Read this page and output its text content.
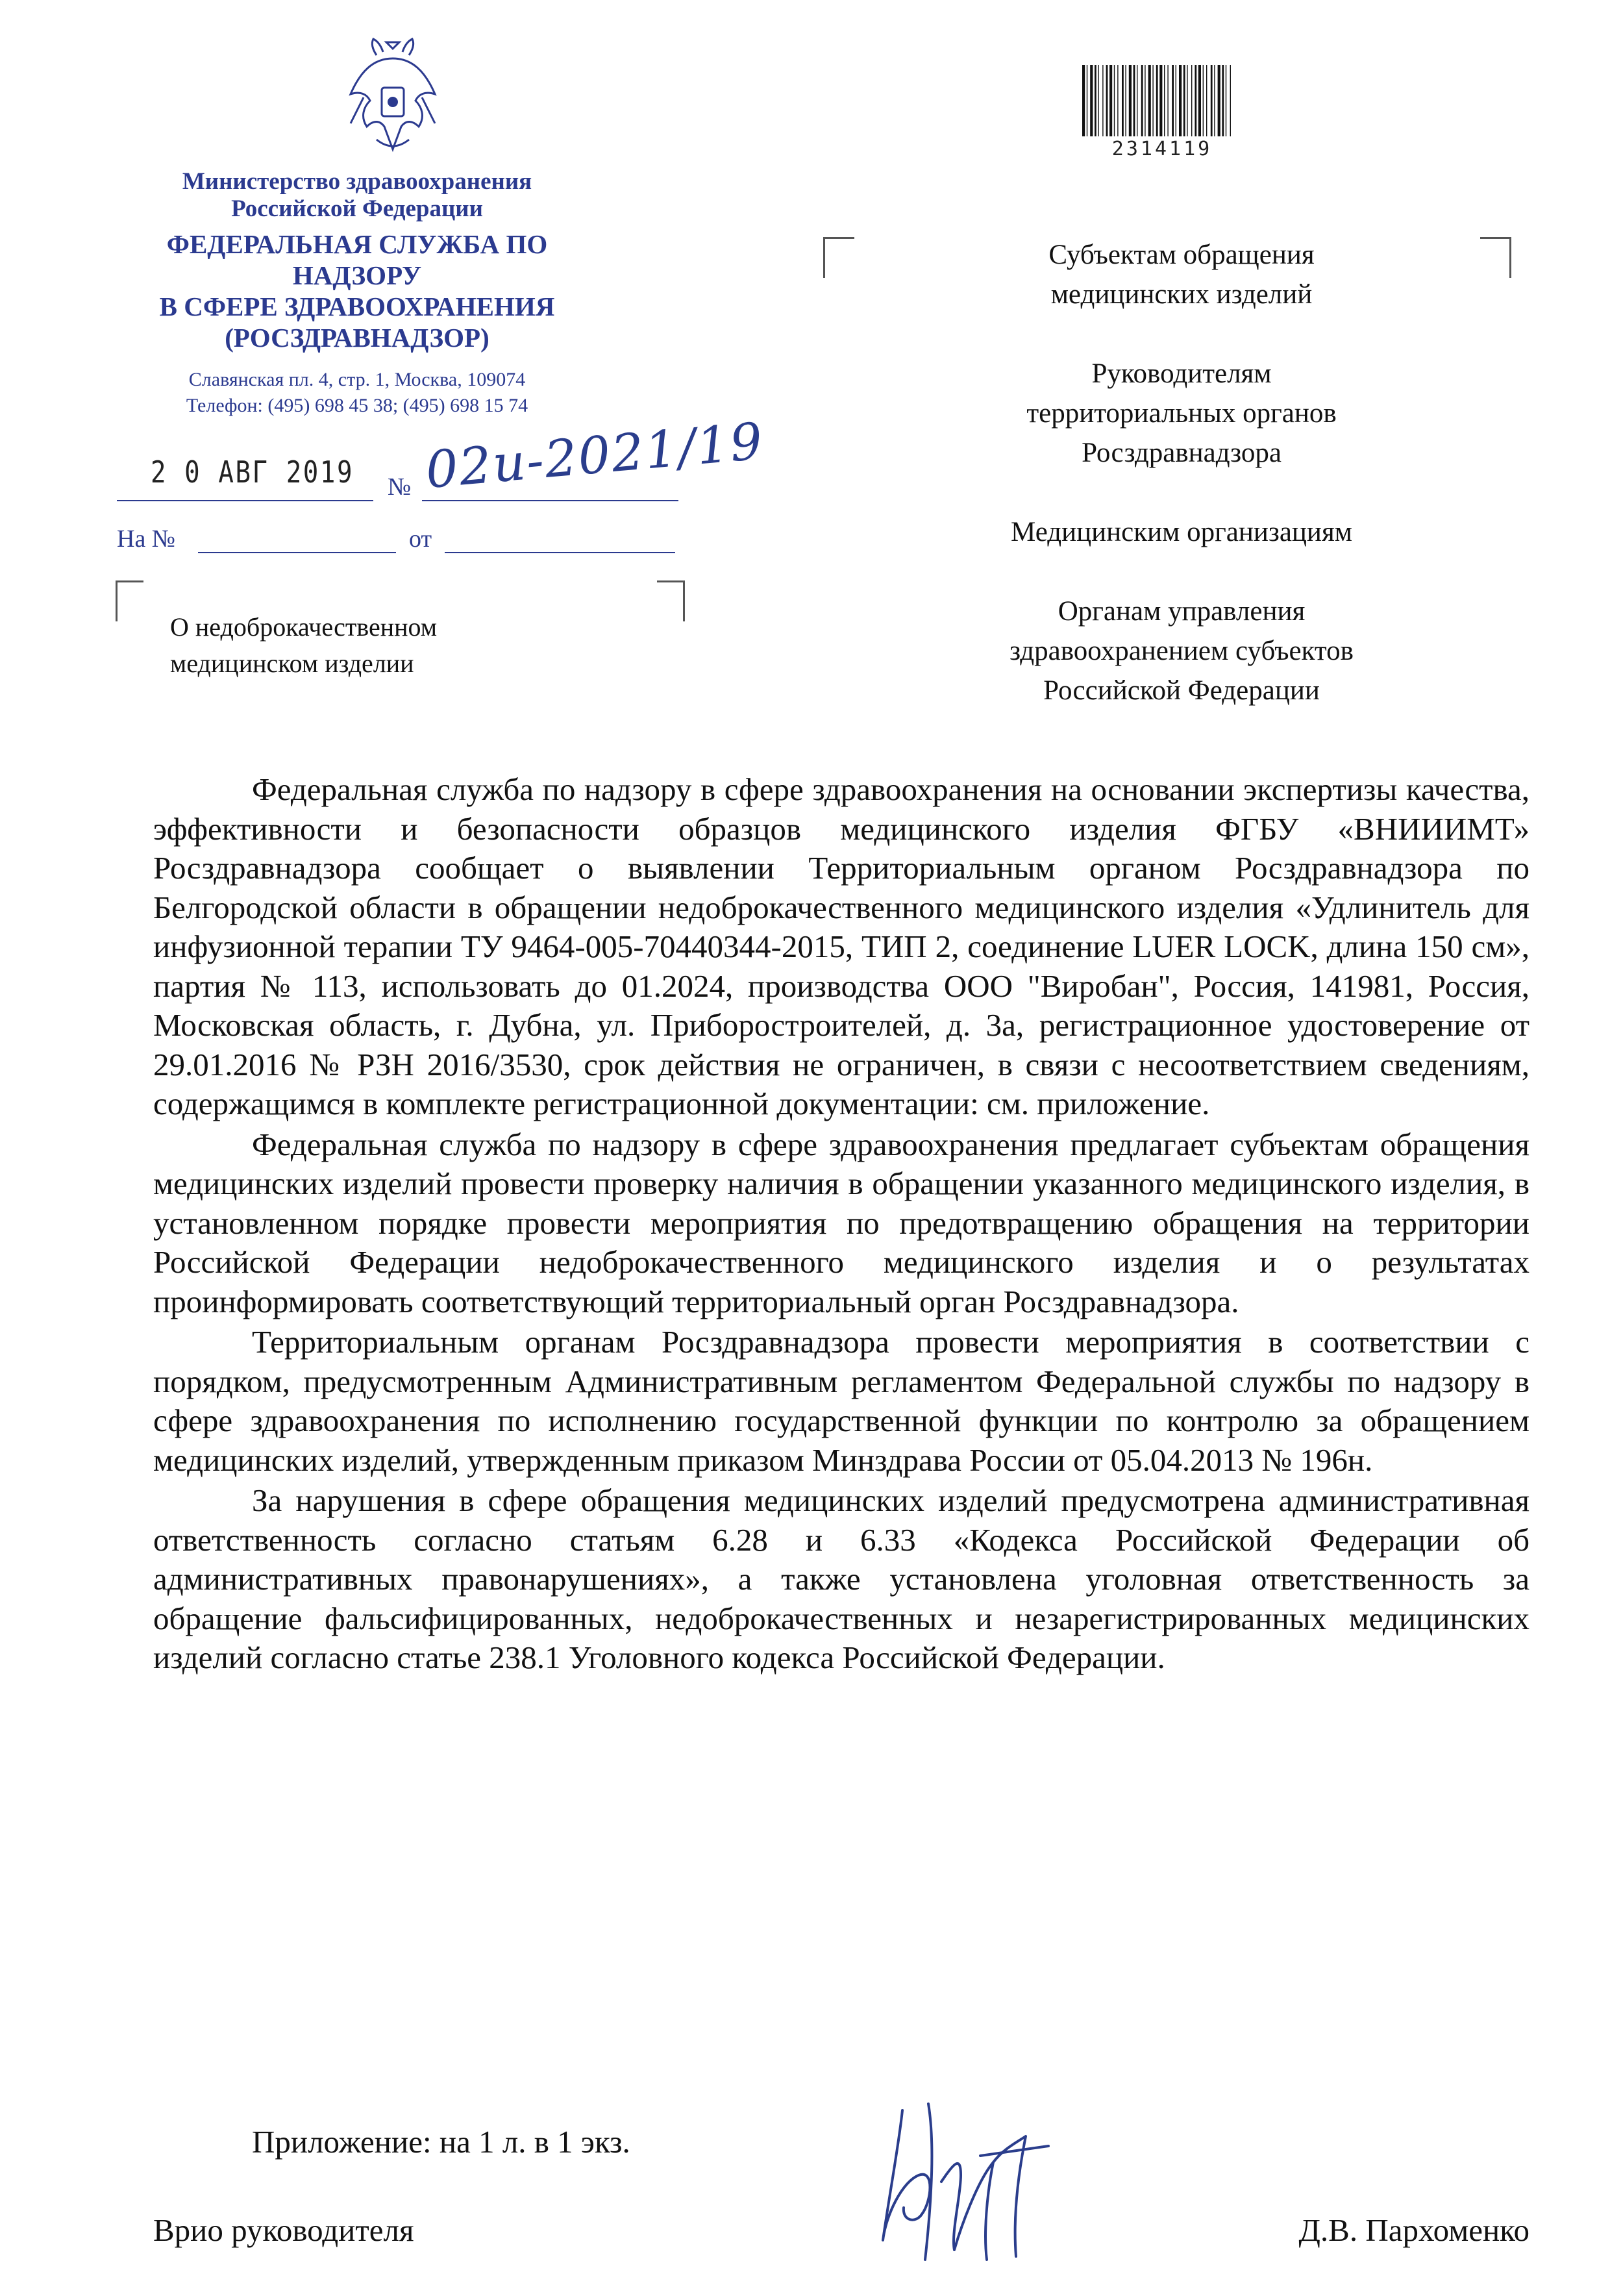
Министерство здравоохранения
Российской Федерации
ФЕДЕРАЛЬНАЯ СЛУЖБА ПО НАДЗОРУ
В СФЕРЕ ЗДРАВООХРАНЕНИЯ
(РОСЗДРАВНАДЗОР)
Славянская пл. 4, стр. 1, Москва, 109074
Телефон: (495) 698 45 38; (495) 698 15 74
2 0 АВГ 2019 № 02и-2021/19
На №	от
О недоброкачественном
медицинском изделии
2314119
Субъектам обращения
медицинских изделий
Руководителям
территориальных органов
Росздравнадзора
Медицинским организациям
Органам управления
здравоохранением субъектов
Российской Федерации

Федеральная служба по надзору в сфере здравоохранения на основании экспертизы качества, эффективности и безопасности образцов медицинского изделия ФГБУ «ВНИИИМТ» Росздравнадзора сообщает о выявлении Территориальным органом Росздравнадзора по Белгородской области в обращении недоброкачественного медицинского изделия «Удлинитель для инфузионной терапии ТУ 9464-005-70440344-2015, ТИП 2, соединение LUER LOCK, длина 150 см», партия № 113, использовать до 01.2024, производства ООО "Виробан", Россия, 141981, Россия, Московская область, г. Дубна, ул. Приборостроителей, д. 3а, регистрационное удостоверение от 29.01.2016 № РЗН 2016/3530, срок действия не ограничен, в связи с несоответствием сведениям, содержащимся в комплекте регистрационной документации: см. приложение.

Федеральная служба по надзору в сфере здравоохранения предлагает субъектам обращения медицинских изделий провести проверку наличия в обращении указанного медицинского изделия, в установленном порядке провести мероприятия по предотвращению обращения на территории Российской Федерации недоброкачественного медицинского изделия и о результатах проинформировать соответствующий территориальный орган Росздравнадзора.

Территориальным органам Росздравнадзора провести мероприятия в соответствии с порядком, предусмотренным Административным регламентом Федеральной службы по надзору в сфере здравоохранения по исполнению государственной функции по контролю за обращением медицинских изделий, утвержденным приказом Минздрава России от 05.04.2013 № 196н.

За нарушения в сфере обращения медицинских изделий предусмотрена административная ответственность согласно статьям 6.28 и 6.33 «Кодекса Российской Федерации об административных правонарушениях», а также установлена уголовная ответственность за обращение фальсифицированных, недоброкачественных и незарегистрированных медицинских изделий согласно статье 238.1 Уголовного кодекса Российской Федерации.

Приложение: на 1 л. в 1 экз.
Врио руководителя	Д.В. Пархоменко
